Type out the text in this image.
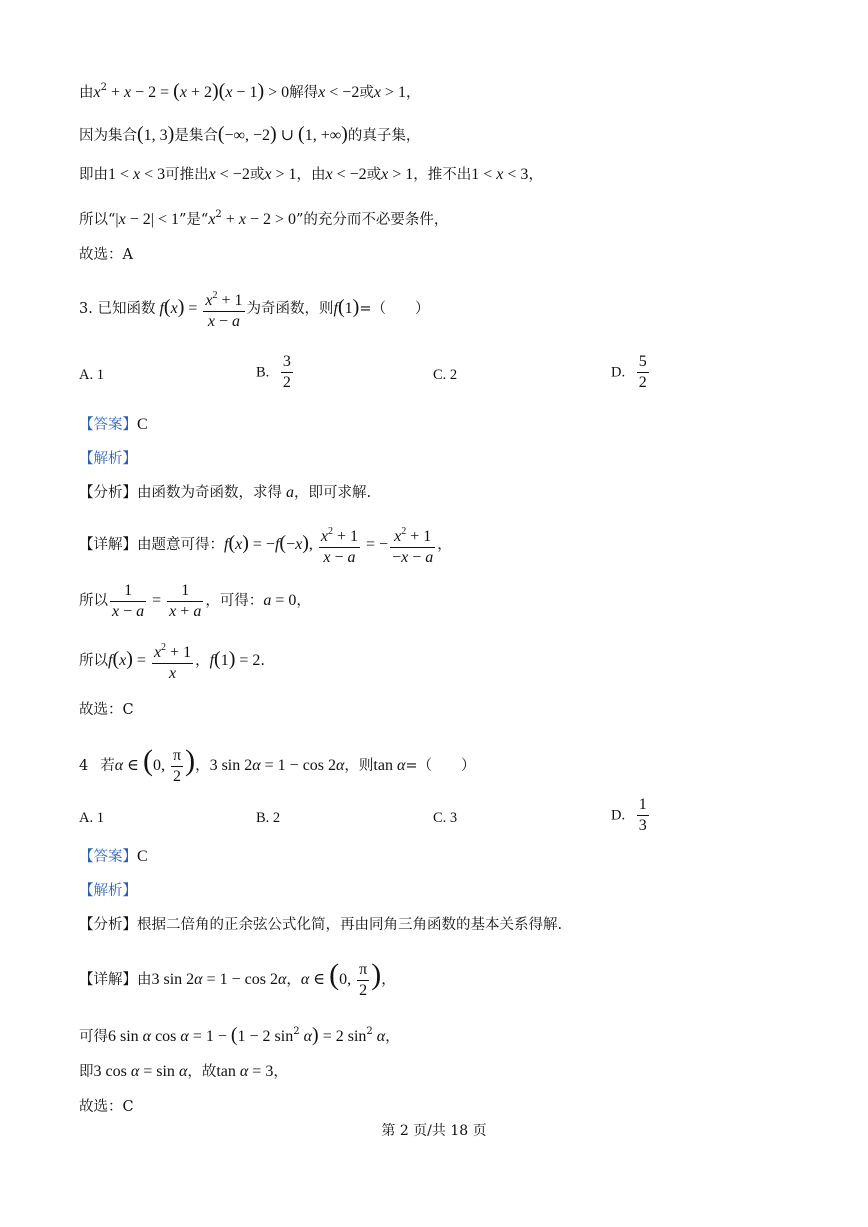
由$x^2 + x - 2 = (x + 2)(x - 1) > 0$解得x < −2或x > 1，
因为集合(1, 3)是集合(−∞, −2) ∪ (1, +∞)的真子集，
即由1 < x < 3可推出x < −2或x > 1，由x < −2或x > 1，推不出1 < x < 3，
所以“|x − 2| < 1”是“$x^2 + x - 2 > 0$”的充分而不必要条件，
故选：A
3. 已知函数 $f(x) = \frac{x^2 + 1}{x - a}$ 为奇函数，则f(1)=（　　）
A. 1	B. $\frac{3}{2}$	C. 2	D. $\frac{5}{2}$
【答案】C
【解析】
【分析】由函数为奇函数，求得 a，即可求解.
【详解】由题意可得：f(x) = −f(−x), $\frac{x^2 + 1}{x - a}$ = − $\frac{x^2 + 1}{-x - a}$ ，
所以 $\frac{1}{x - a} = \frac{1}{x + a}$ ，可得：a = 0，
所以$f(x) = \frac{x^2 + 1}{x}$ ，f(1) = 2.
故选：C
4 若α ∈ (0, $\frac{\pi}{2}$ )，3 sin 2α = 1 − cos 2α，则tan α=（　　）
A. 1	B. 2	C. 3	D. $\frac{1}{3}$
【答案】C
【解析】
【分析】根据二倍角的正余弦公式化简，再由同角三角函数的基本关系得解.
【详解】由3 sin 2α = 1 − cos 2α，α ∈ (0, $\frac{\pi}{2}$ )，
可得6 sin α cos α = 1 − (1 − 2 $\sin^2 \alpha) = 2$ $\sin^2 \alpha$，
即3 cos α = sin α，故tan α = 3，
故选：C
第 2 页/共 18 页
